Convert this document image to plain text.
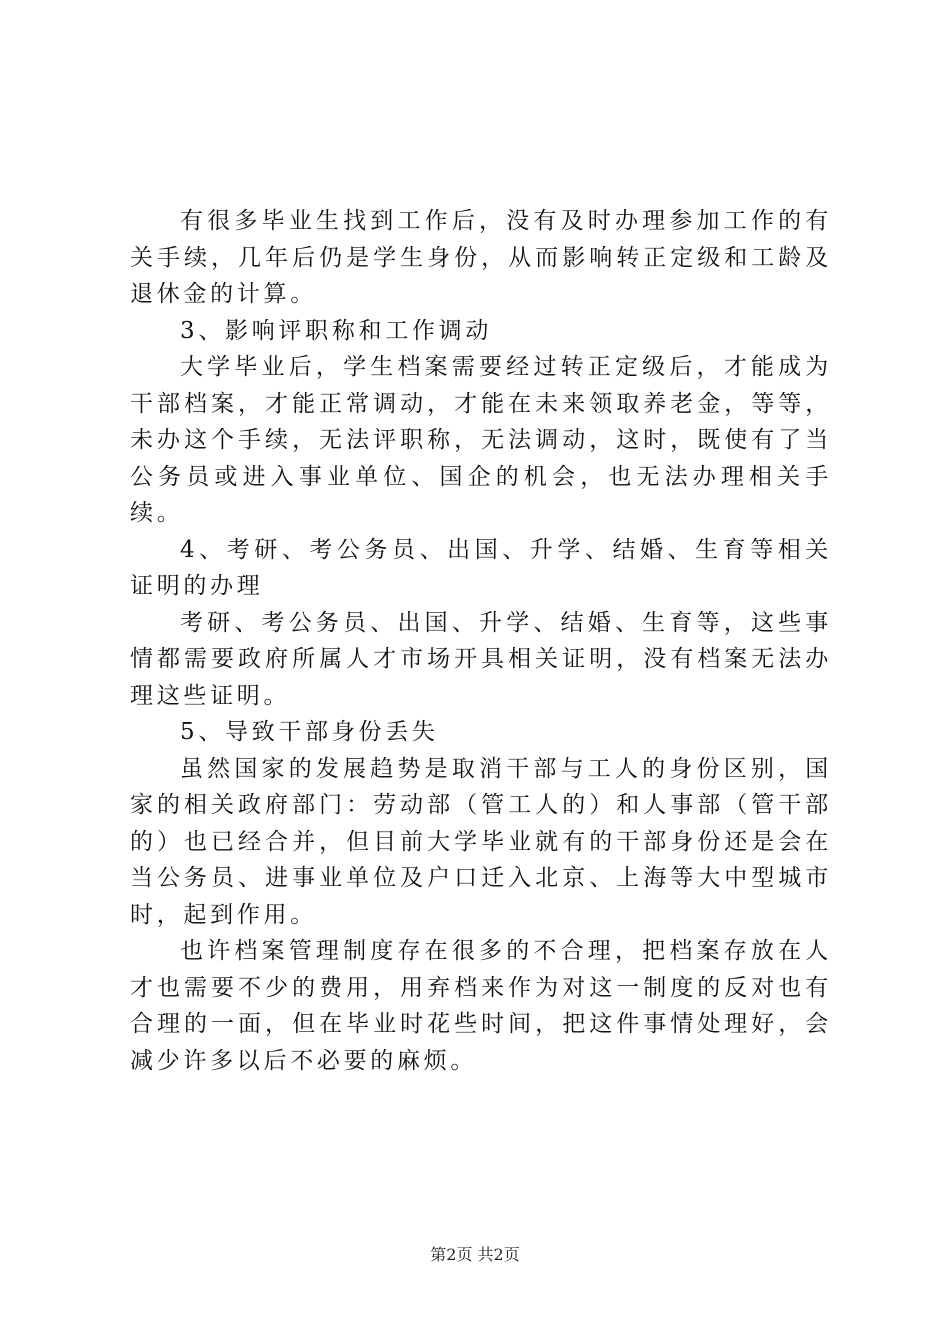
有很多毕业生找到工作后，没有及时办理参加工作的有关手续，几年后仍是学生身份，从而影响转正定级和工龄及退休金的计算。

3、影响评职称和工作调动

大学毕业后，学生档案需要经过转正定级后，才能成为干部档案，才能正常调动，才能在未来领取养老金，等等，未办这个手续，无法评职称，无法调动，这时，既使有了当公务员或进入事业单位、国企的机会，也无法办理相关手续。

4、考研、考公务员、出国、升学、结婚、生育等相关证明的办理

考研、考公务员、出国、升学、结婚、生育等，这些事情都需要政府所属人才市场开具相关证明，没有档案无法办理这些证明。

5、导致干部身份丢失

虽然国家的发展趋势是取消干部与工人的身份区别，国家的相关政府部门：劳动部（管工人的）和人事部（管干部的）也已经合并，但目前大学毕业就有的干部身份还是会在当公务员、进事业单位及户口迁入北京、上海等大中型城市时，起到作用。

也许档案管理制度存在很多的不合理，把档案存放在人才也需要不少的费用，用弃档来作为对这一制度的反对也有合理的一面，但在毕业时花些时间，把这件事情处理好，会减少许多以后不必要的麻烦。

第2页 共2页
